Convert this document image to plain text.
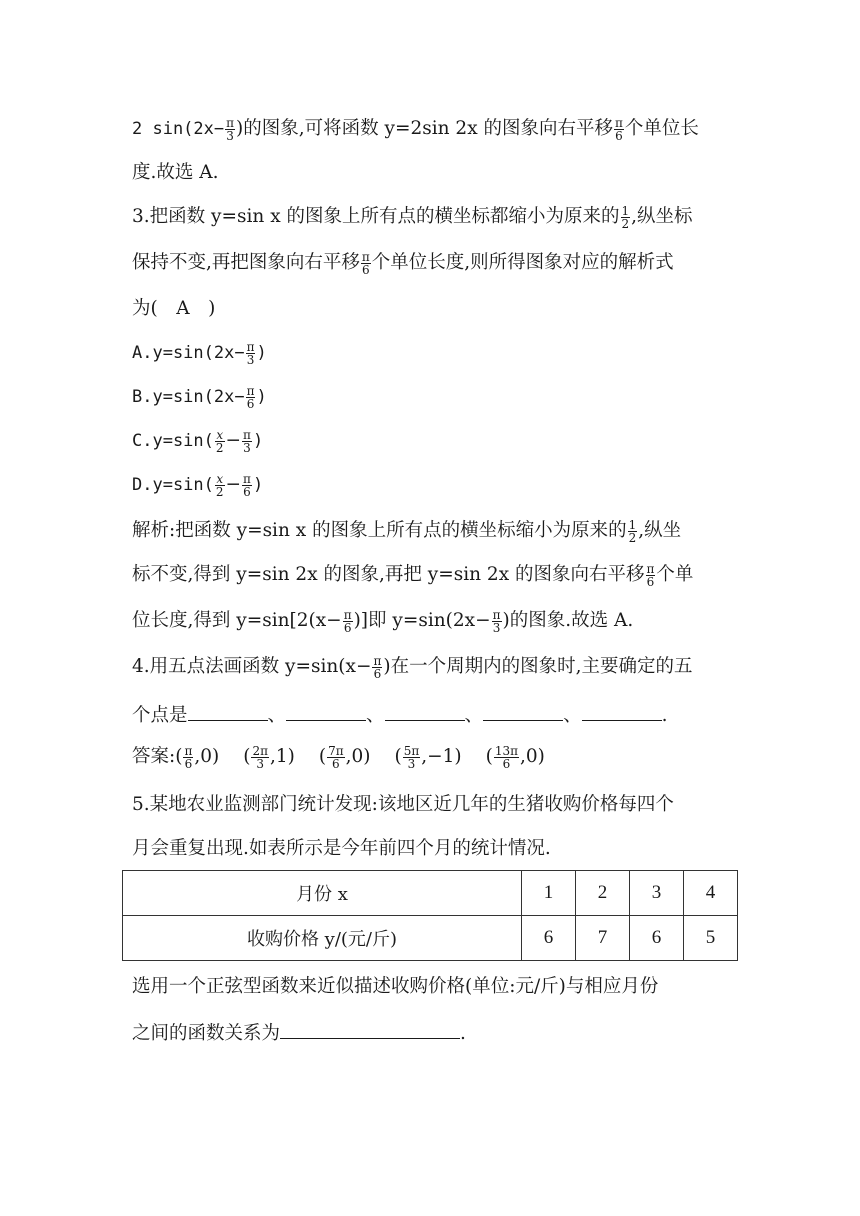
2 $\sin(2x- \frac{\pi}{3}$ )的图象,可将函数 y=2sin 2x 的图象向右平移 $\frac{\pi}{6}$ 个单位长
度.故选 A.
3.把函数 y=sin x 的图象上所有点的横坐标都缩小为原来的 $\frac{1}{2}$ ,纵坐标
保持不变,再把图象向右平移 $\frac{\pi}{6}$ 个单位长度,则所得图象对应的解析式
为(　A　)
$A.y=\sin(2x- \frac{\pi}{3}$ )
$B.y=\sin(2x- \frac{\pi}{6}$ )
$C.y=\sin( \frac{x}{2} - \frac{\pi}{3}$ )
$D.y=\sin( \frac{x}{2} - \frac{\pi}{6}$ )
解析:把函数 y=sin x 的图象上所有点的横坐标缩小为原来的 $\frac{1}{2}$ ,纵坐
标不变,得到 y=sin 2x 的图象,再把 y=sin 2x 的图象向右平移 $\frac{\pi}{6}$ 个单
位长度,得到 $y=\sin[2(x- \frac{\pi}{6}$ )]即 $y=\sin(2x- \frac{\pi}{3}$ )的图象.故选 A.
4.用五点法画函数 $y=\sin(x- \frac{\pi}{6}$ )在一个周期内的图象时,主要确定的五
个点是	、	、	、	、	.
答案:( $\frac{\pi}{6} ,0$) ( $\frac{2\pi}{3} ,1$) ( $\frac{7\pi}{6} ,0$) ( $\frac{5\pi}{3} ,-1$) ( $\frac{13\pi}{6} ,0$)
5.某地农业监测部门统计发现:该地区近几年的生猪收购价格每四个
月会重复出现.如表所示是今年前四个月的统计情况.
月份 x	1	2	3	4
收购价格 y/(元/斤)	6	7	6	5
选用一个正弦型函数来近似描述收购价格(单位:元/斤)与相应月份
之间的函数关系为	.
